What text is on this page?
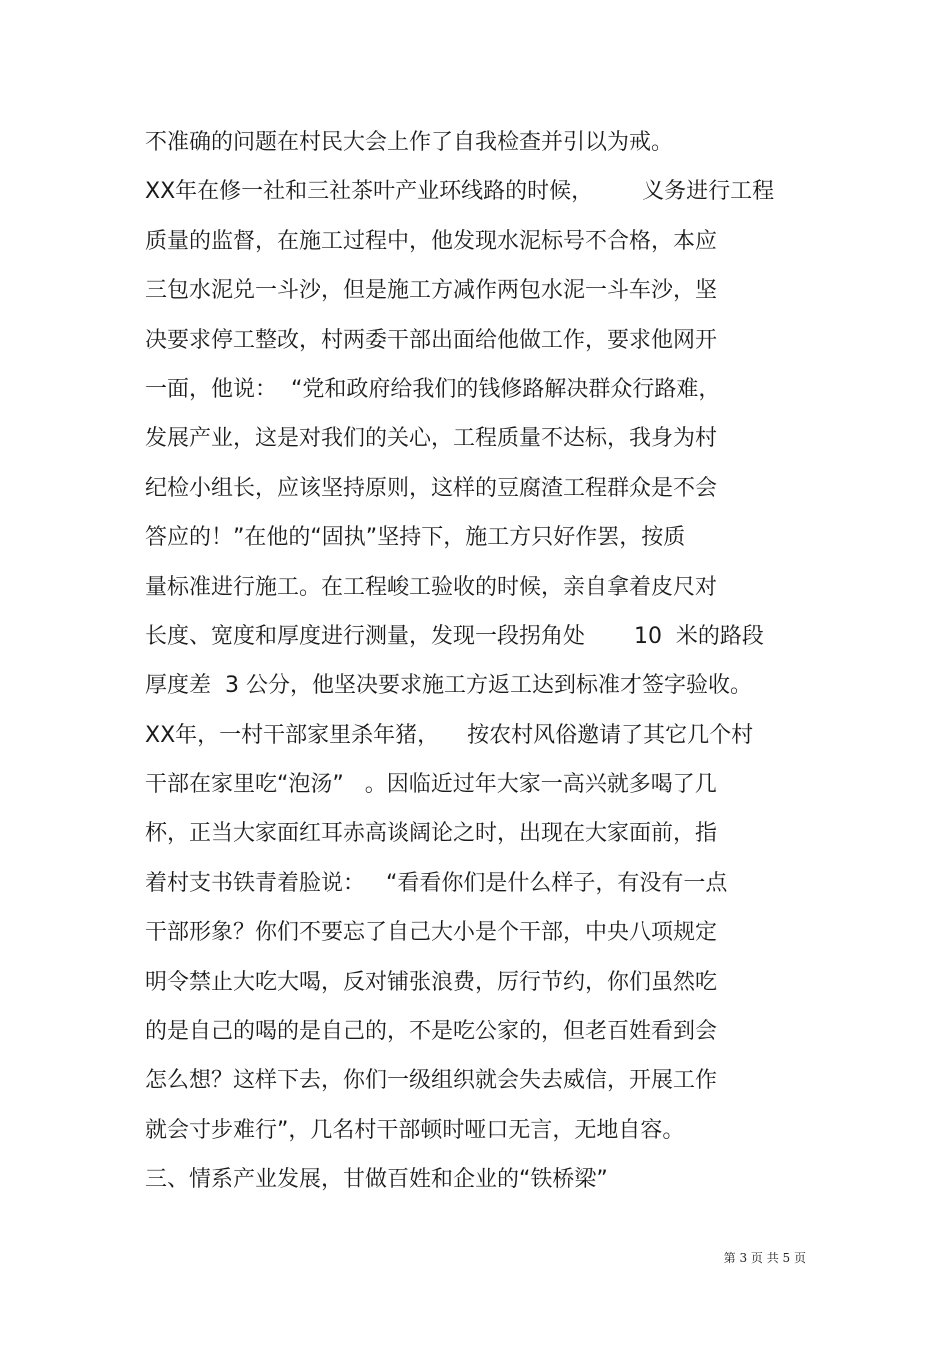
不准确的问题在村民大会上作了自我检查并引以为戒。
XX年在修一社和三社茶叶产业环线路的时候，       义务进行工程
质量的监督，在施工过程中，他发现水泥标号不合格，本应
三包水泥兑一斗沙，但是施工方减作两包水泥一斗车沙，坚
决要求停工整改，村两委干部出面给他做工作，要求他网开
一面，他说：  “党和政府给我们的钱修路解决群众行路难，
发展产业，这是对我们的关心，工程质量不达标，我身为村
纪检小组长，应该坚持原则，这样的豆腐渣工程群众是不会
答应的！”在他的“固执”坚持下，施工方只好作罢，按质
量标准进行施工。在工程峻工验收的时候，亲自拿着皮尺对
长度、宽度和厚度进行测量，发现一段拐角处       10  米的路段
厚度差  3 公分，他坚决要求施工方返工达到标准才签字验收。
XX年，一村干部家里杀年猪，    按农村风俗邀请了其它几个村
干部在家里吃“泡汤”   。因临近过年大家一高兴就多喝了几
杯，正当大家面红耳赤高谈阔论之时，出现在大家面前，指
着村支书铁青着脸说：   “看看你们是什么样子，有没有一点
干部形象？你们不要忘了自己大小是个干部，中央八项规定
明令禁止大吃大喝，反对铺张浪费，厉行节约，你们虽然吃
的是自己的喝的是自己的，不是吃公家的，但老百姓看到会
怎么想？这样下去，你们一级组织就会失去威信，开展工作
就会寸步难行”，几名村干部顿时哑口无言，无地自容。
三、情系产业发展，甘做百姓和企业的“铁桥梁”
第 3 页 共 5 页
